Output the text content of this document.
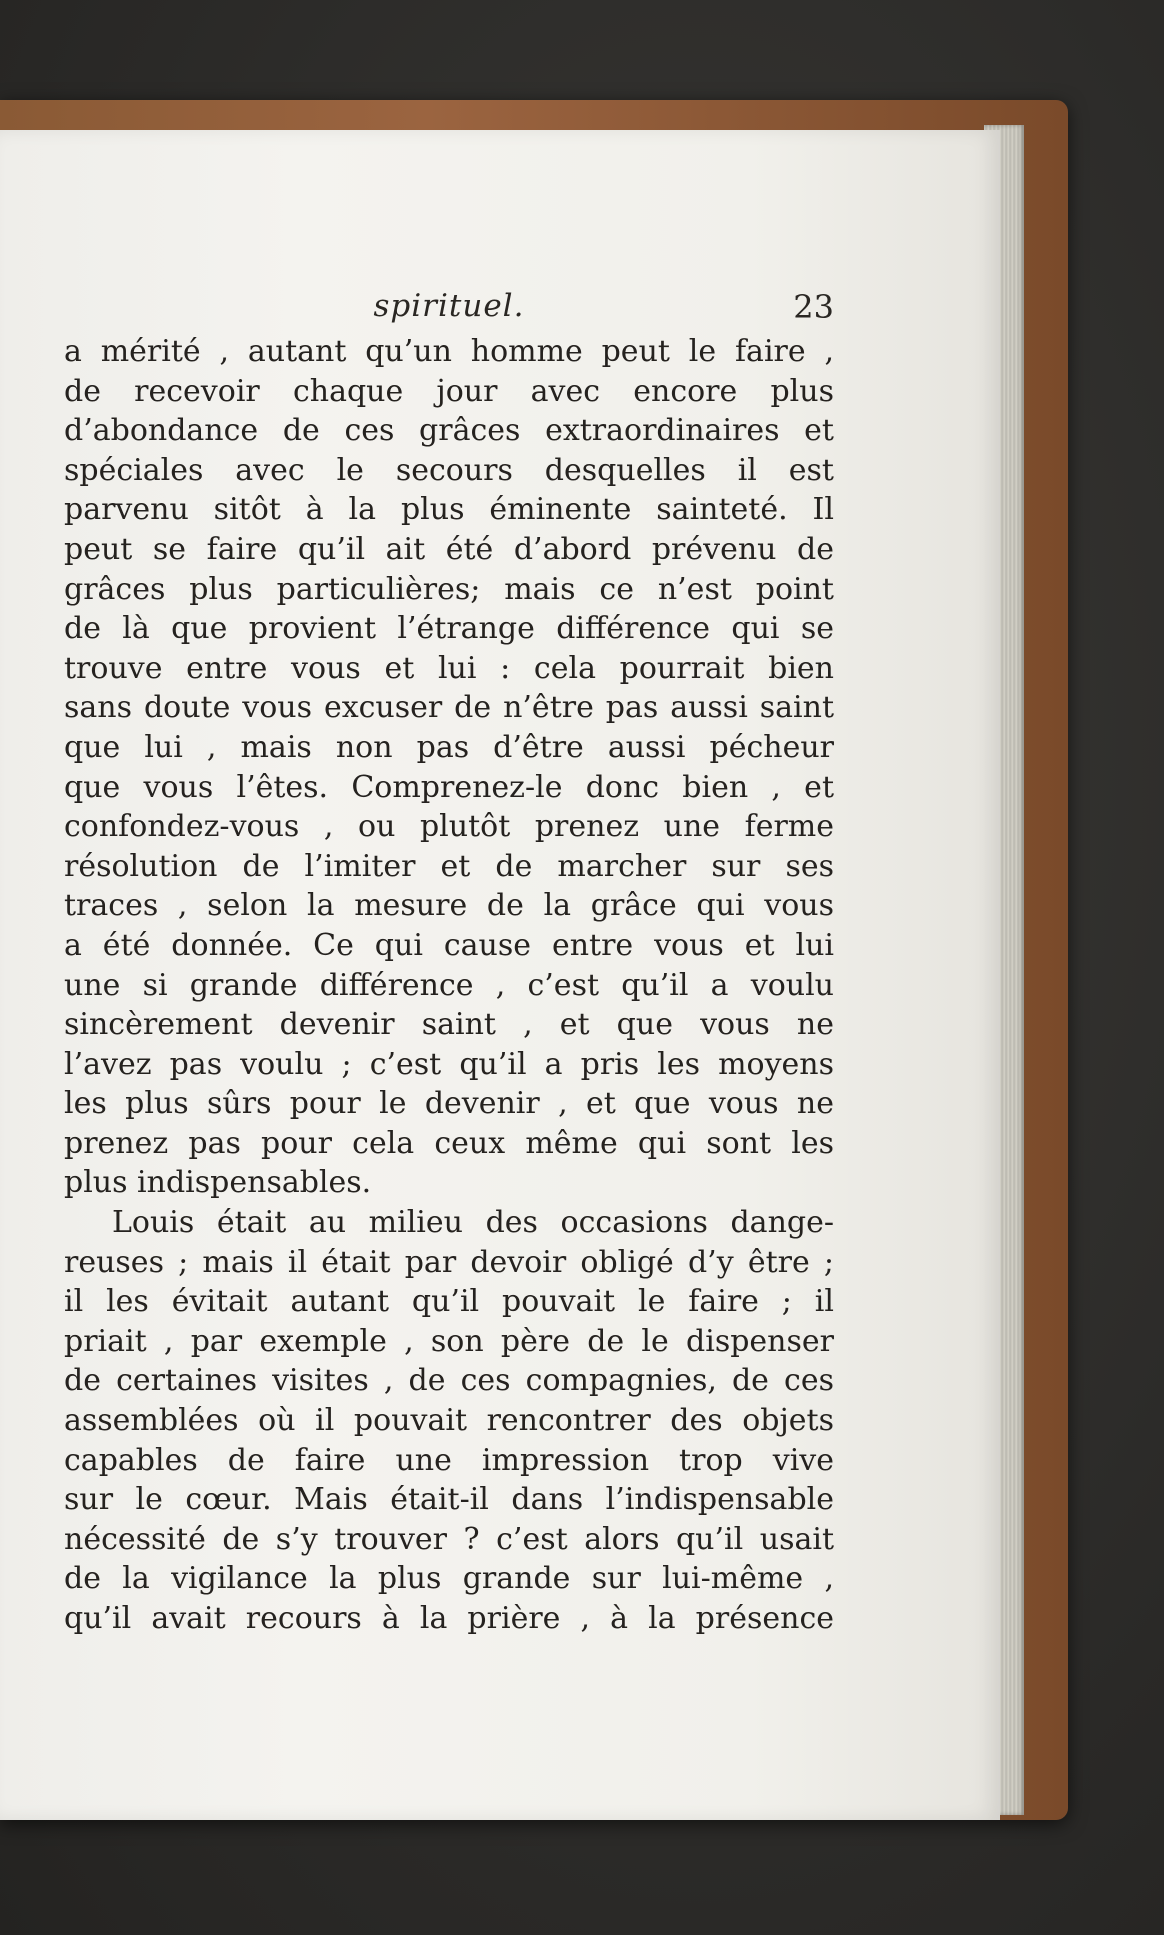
spirituel.	23
a mérité , autant qu’un homme peut le faire ,
de recevoir chaque jour avec encore plus
d’abondance de ces grâces extraordinaires et
spéciales avec le secours desquelles il est
parvenu sitôt à la plus éminente sainteté. Il
peut se faire qu’il ait été d’abord prévenu de
grâces plus particulières; mais ce n’est point
de là que provient l’étrange différence qui se
trouve entre vous et lui : cela pourrait bien
sans doute vous excuser de n’être pas aussi saint
que lui , mais non pas d’être aussi pécheur
que vous l’êtes. Comprenez-le donc bien , et
confondez-vous , ou plutôt prenez une ferme
résolution de l’imiter et de marcher sur ses
traces , selon la mesure de la grâce qui vous
a été donnée. Ce qui cause entre vous et lui
une si grande différence , c’est qu’il a voulu
sincèrement devenir saint , et que vous ne
l’avez pas voulu ; c’est qu’il a pris les moyens
les plus sûrs pour le devenir , et que vous ne
prenez pas pour cela ceux même qui sont les
plus indispensables.
Louis était au milieu des occasions dange-
reuses ; mais il était par devoir obligé d’y être ;
il les évitait autant qu’il pouvait le faire ; il
priait , par exemple , son père de le dispenser
de certaines visites , de ces compagnies, de ces
assemblées où il pouvait rencontrer des objets
capables de faire une impression trop vive
sur le cœur. Mais était-il dans l’indispensable
nécessité de s’y trouver ? c’est alors qu’il usait
de la vigilance la plus grande sur lui-même ,
qu’il avait recours à la prière , à la présence
